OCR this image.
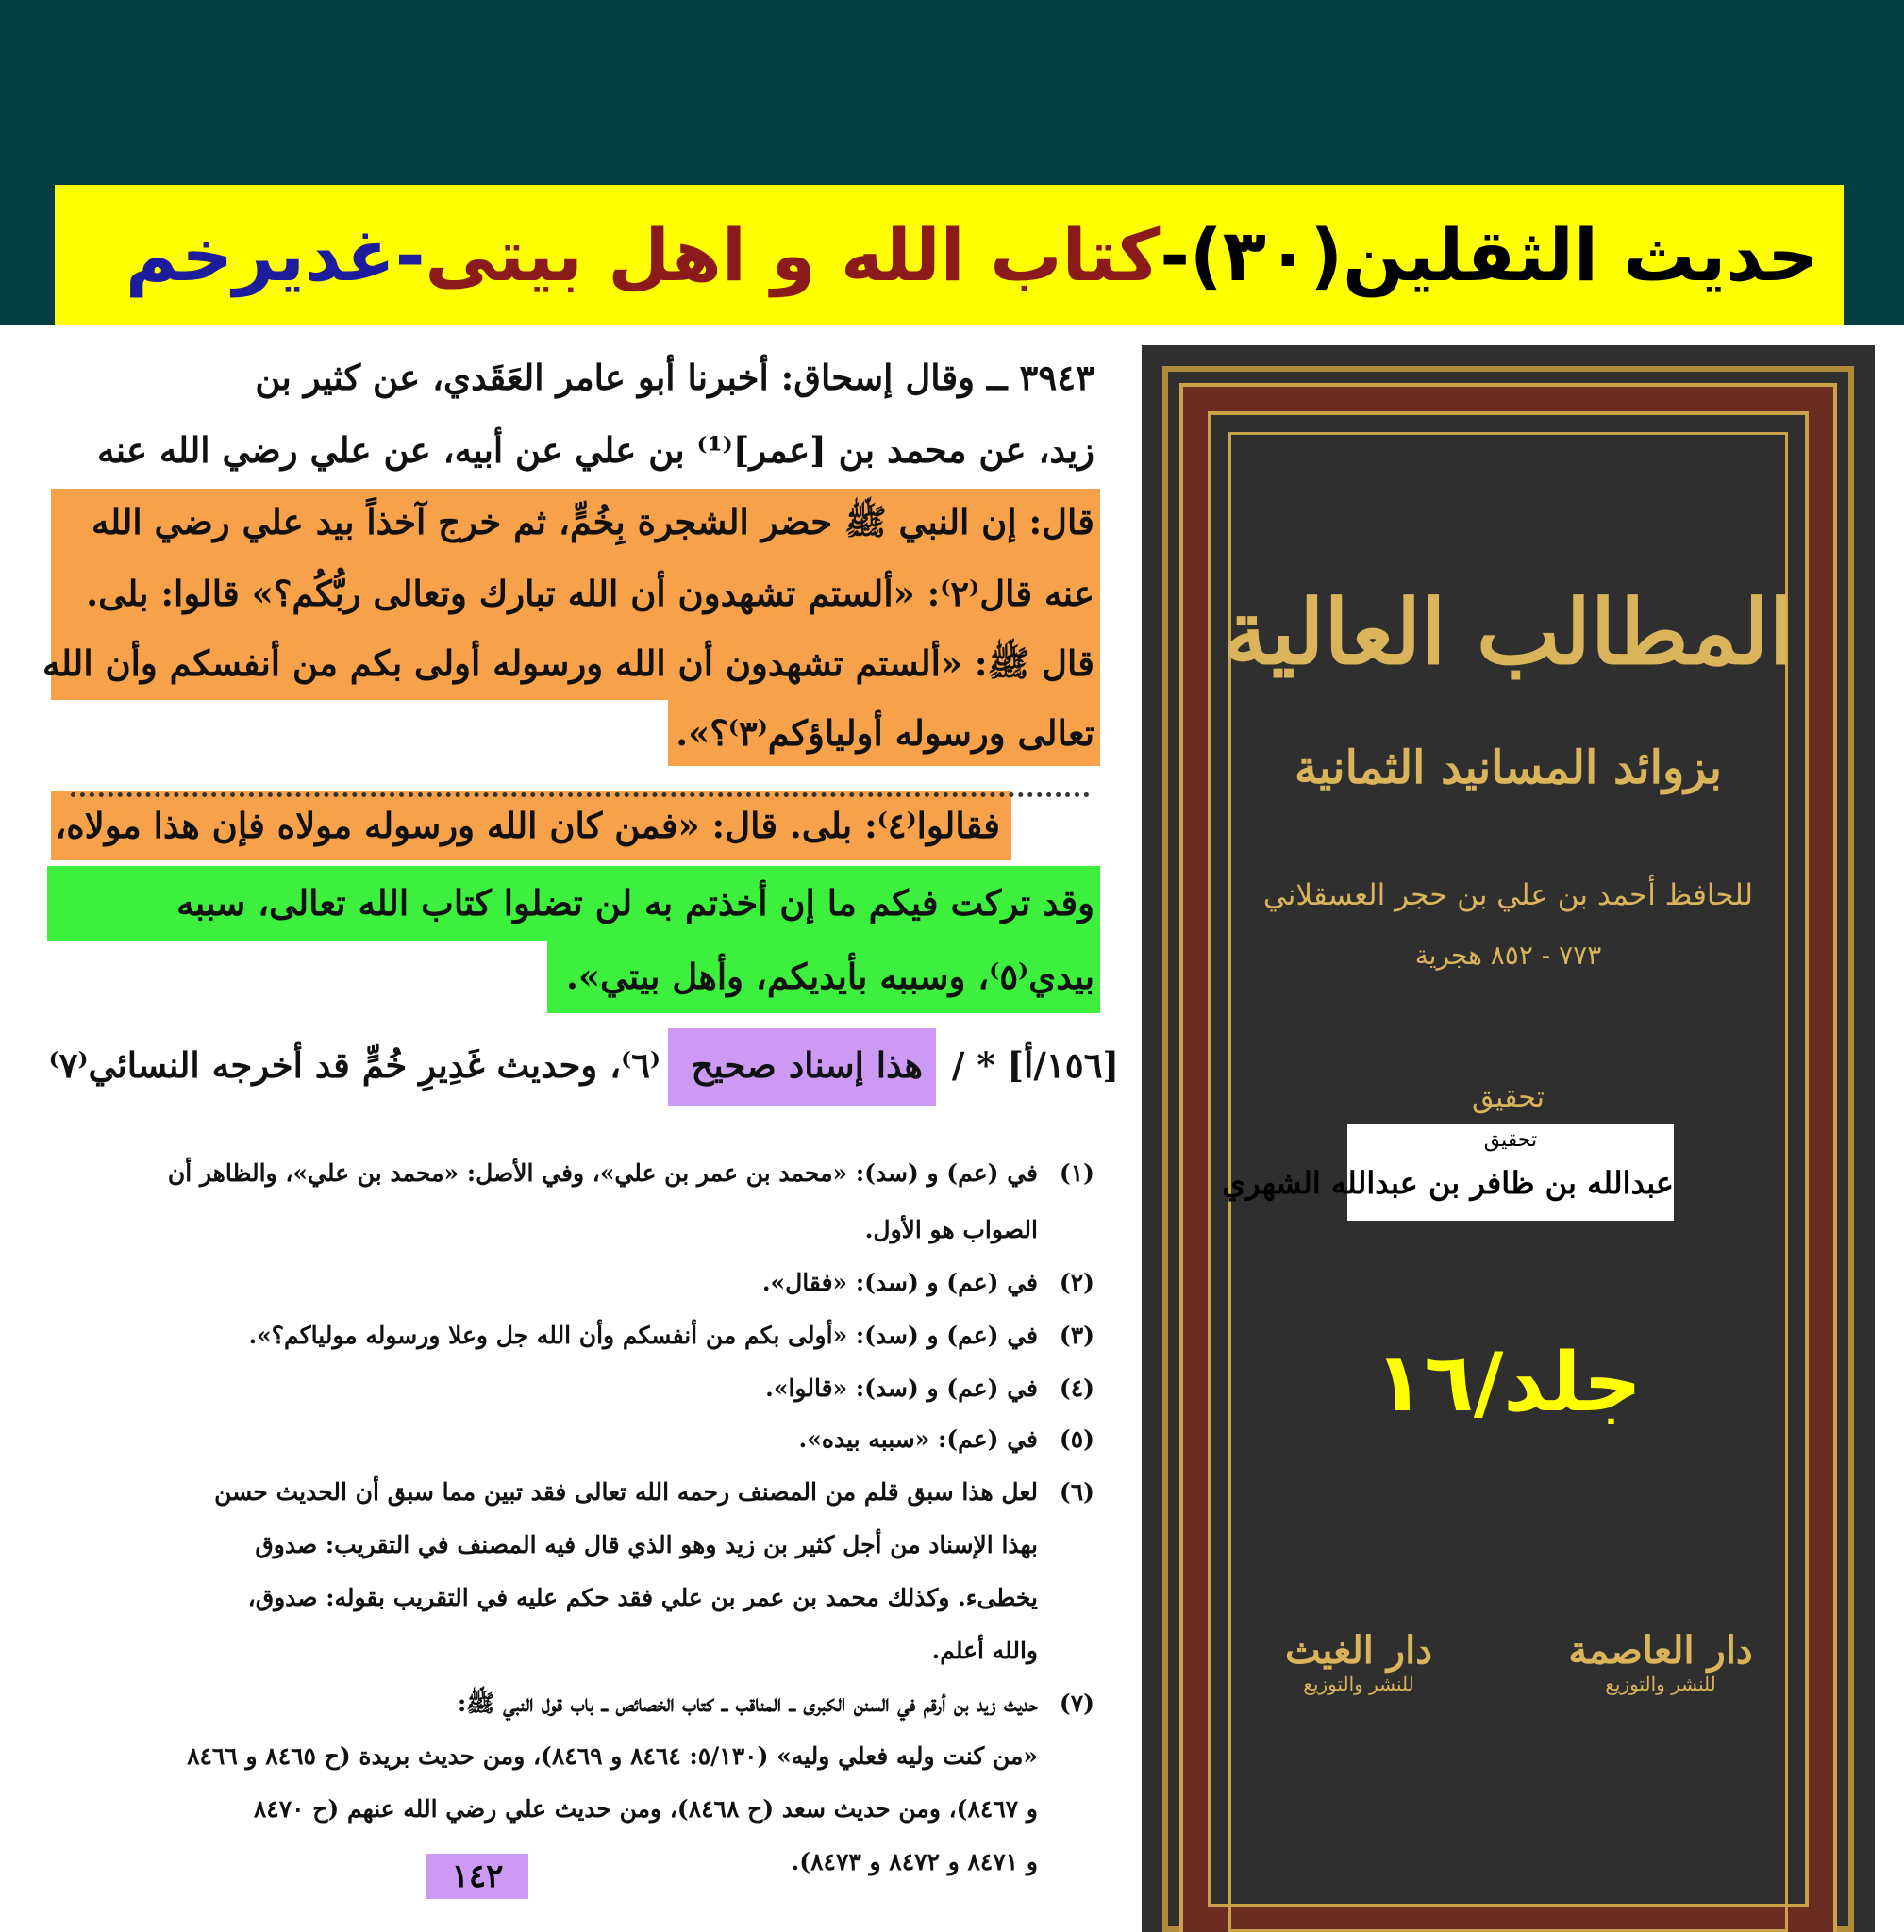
حديث الثقلين(٣٠)-
كتاب الله و اهل بيتى
-غديرخم
٣٩٤٣ ــ وقال إسحاق: أخبرنا أبو عامر العَقَدي، عن كثير بن
زيد، عن محمد بن [عمر]⁽¹⁾ بن علي عن أبيه، عن علي رضي الله عنه
قال: إن النبي ﷺ حضر الشجرة بِخُمٍّ، ثم خرج آخذاً بيد علي رضي الله
عنه قال⁽٢⁾: «ألستم تشهدون أن الله تبارك وتعالى ربُّكُم؟» قالوا: بلى.
قال ﷺ: «ألستم تشهدون أن الله ورسوله أولى بكم من أنفسكم وأن الله
تعالى ورسوله أولياؤكم⁽٣⁾؟».
فقالوا⁽٤⁾: بلى. قال: «فمن كان الله ورسوله مولاه فإن هذا مولاه،
وقد تركت فيكم ما إن أخذتم به لن تضلوا كتاب الله تعالى، سببه
بيدي⁽٥⁾، وسببه بأيديكم، وأهل بيتي».
[١٥٦/أ] * /
هذا إسناد صحيح
⁽٦⁾، وحديث غَدِيرِ خُمٍّ قد أخرجه النسائي⁽٧⁾
(١)في (عم) و (سد): «محمد بن عمر بن علي»، وفي الأصل: «محمد بن علي»، والظاهر أن
الصواب هو الأول.
(٢)في (عم) و (سد): «فقال».
(٣)في (عم) و (سد): «أولى بكم من أنفسكم وأن الله جل وعلا ورسوله مولياكم؟».
(٤)في (عم) و (سد): «قالوا».
(٥)في (عم): «سببه بيده».
(٦)لعل هذا سبق قلم من المصنف رحمه الله تعالى فقد تبين مما سبق أن الحديث حسن
بهذا الإسناد من أجل كثير بن زيد وهو الذي قال فيه المصنف في التقريب: صدوق
يخطىء. وكذلك محمد بن عمر بن علي فقد حكم عليه في التقريب بقوله: صدوق،
والله أعلم.
(٧)حديث زيد بن أرقم في السنن الكبرى ــ المناقب ــ كتاب الخصائص ــ باب قول النبي ﷺ:
«من كنت وليه فعلي وليه» (٥/١٣٠: ٨٤٦٤ و ٨٤٦٩)، ومن حديث بريدة (ح ٨٤٦٥ و ٨٤٦٦
و ٨٤٦٧)، ومن حديث سعد (ح ٨٤٦٨)، ومن حديث علي رضي الله عنهم (ح ٨٤٧٠
و ٨٤٧١ و ٨٤٧٢ و ٨٤٧٣).
١٤٢
المطالب العالية
بزوائد المسانيد الثمانية
للحافظ أحمد بن علي بن حجر العسقلاني
٧٧٣ - ٨٥٢ هجرية
تحقيق
تحقيق
عبدالله بن ظافر بن عبدالله الشهري
جلد/١٦
دار العاصمة
للنشر والتوزيع
دار الغيث
للنشر والتوزيع
